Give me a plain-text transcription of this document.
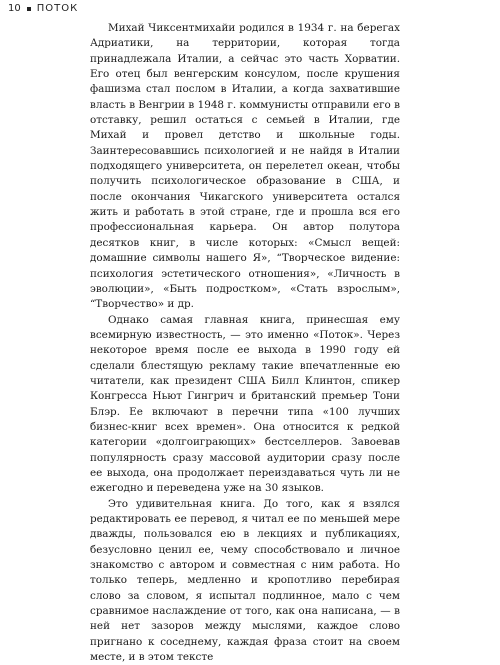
10 ПОТОК

Михай Чиксентмихайи родился в 1934 г. на берегах Адриатики, на территории, которая тогда принадлежала Италии, а сейчас это часть Хорватии. Его отец был венгерским консулом, после крушения фашизма стал послом в Италии, а когда захватившие власть в Венгрии в 1948 г. коммунисты отправили его в отставку, решил остаться с семьей в Италии, где Михай и провел детство и школьные годы. Заинтересовавшись психологией и не найдя в Италии подходящего университета, он перелетел океан, чтобы получить психологическое образование в США, и после окончания Чикагского университета остался жить и работать в этой стране, где и прошла вся его профессиональная карьера. Он автор полутора десятков книг, в числе которых: «Смысл вещей: домашние символы нашего Я», “Творческое видение: психология эстетического отношения», «Личность в эволюции», «Быть подростком», «Стать взрослым», “Творчество» и др.

Однако самая главная книга, принесшая ему всемирную известность, — это именно «Поток». Через некоторое время после ее выхода в 1990 году ей сделали блестящую рекламу такие впечатленные ею читатели, как президент США Билл Клинтон, спикер Конгресса Ньют Гингрич и британский премьер Тони Блэр. Ее включают в перечни типа «100 лучших бизнес-книг всех времен». Она относится к редкой категории «долгоиграющих» бестселлеров. Завоевав популярность сразу массовой аудитории сразу после ее выхода, она продолжает переиздаваться чуть ли не ежегодно и переведена уже на 30 языков.

Это удивительная книга. До того, как я взялся редактировать ее перевод, я читал ее по меньшей мере дважды, пользовался ею в лекциях и публикациях, безусловно ценил ее, чему способствовало и личное знакомство с автором и совместная с ним работа. Но только теперь, медленно и кропотливо перебирая слово за словом, я испытал подлинное, мало с чем сравнимое наслаждение от того, как она написана, — в ней нет зазоров между мыслями, каждое слово пригнано к соседнему, каждая фраза стоит на своем месте, и в этом тексте
